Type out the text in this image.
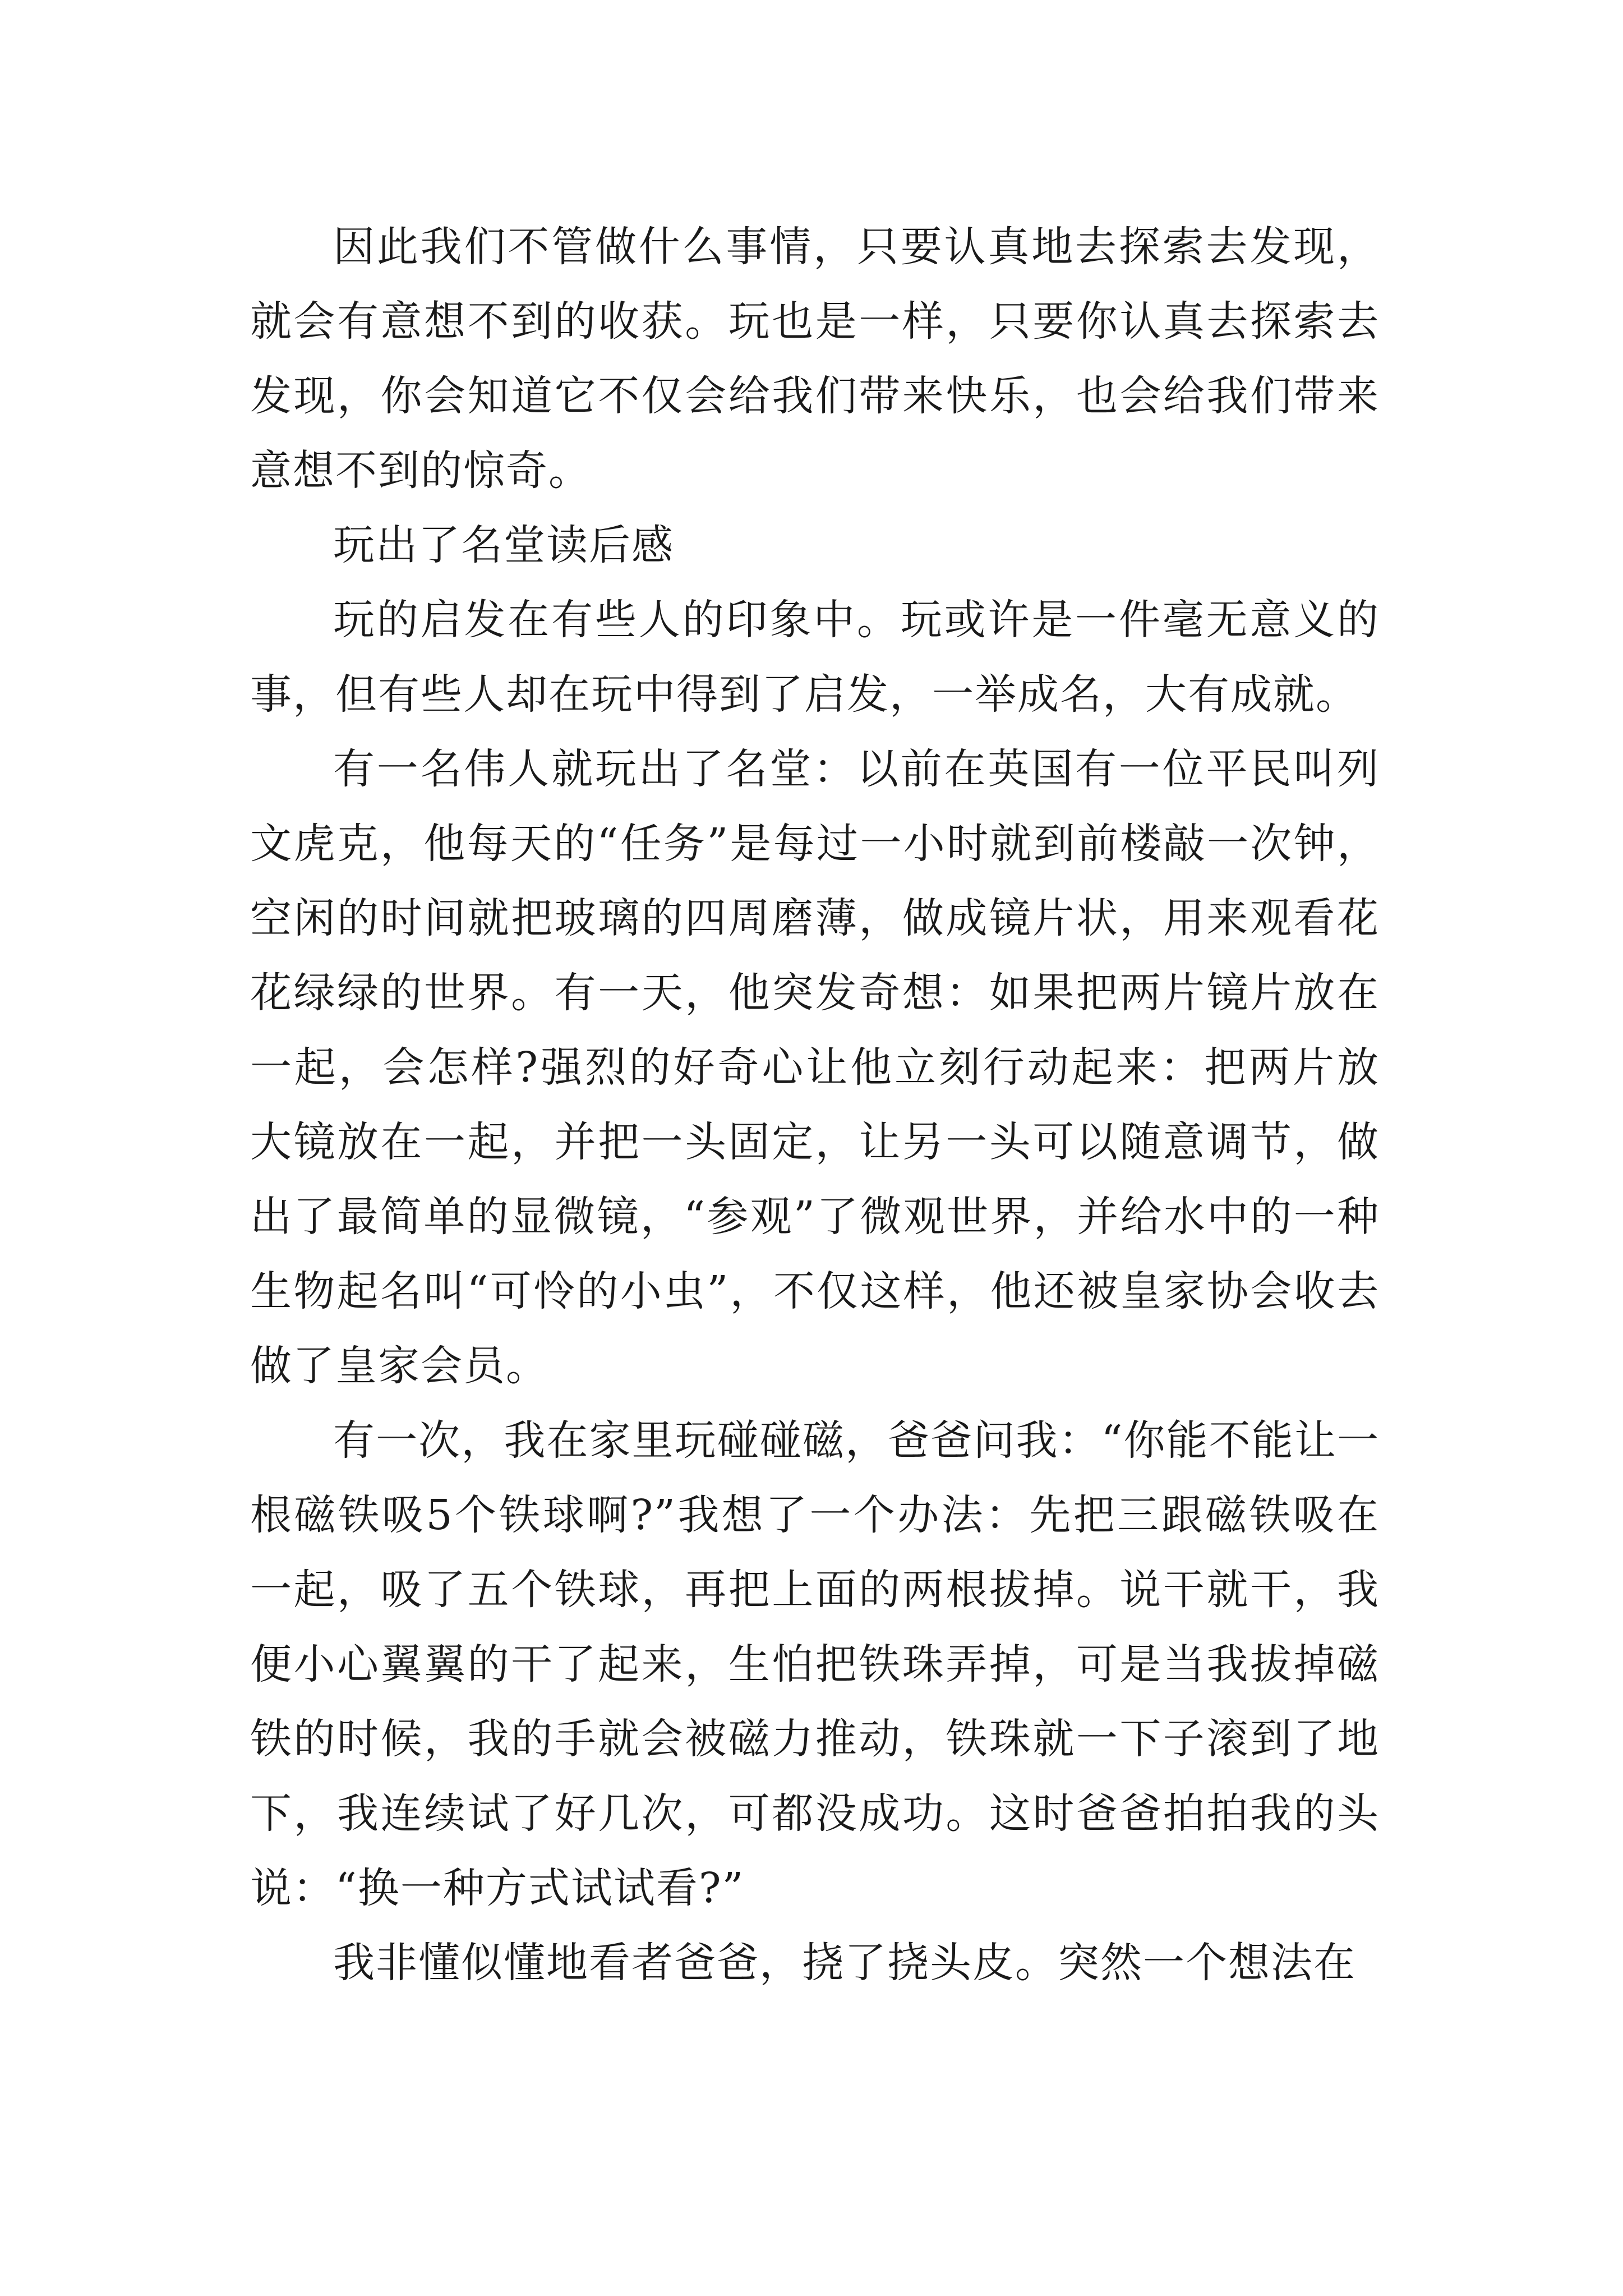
因此我们不管做什么事情，只要认真地去探索去发现，就会有意想不到的收获。玩也是一样，只要你认真去探索去发现，你会知道它不仅会给我们带来快乐，也会给我们带来意想不到的惊奇。

玩出了名堂读后感

玩的启发在有些人的印象中。玩或许是一件毫无意义的事，但有些人却在玩中得到了启发，一举成名，大有成就。

有一名伟人就玩出了名堂：以前在英国有一位平民叫列文虎克，他每天的“任务”是每过一小时就到前楼敲一次钟，空闲的时间就把玻璃的四周磨薄，做成镜片状，用来观看花花绿绿的世界。有一天，他突发奇想：如果把两片镜片放在一起，会怎样?强烈的好奇心让他立刻行动起来：把两片放大镜放在一起，并把一头固定，让另一头可以随意调节，做出了最简单的显微镜，“参观”了微观世界，并给水中的一种生物起名叫“可怜的小虫”，不仅这样，他还被皇家协会收去做了皇家会员。

有一次，我在家里玩碰碰磁，爸爸问我：“你能不能让一根磁铁吸5个铁球啊?”我想了一个办法：先把三跟磁铁吸在一起，吸了五个铁球，再把上面的两根拔掉。说干就干，我便小心翼翼的干了起来，生怕把铁珠弄掉，可是当我拔掉磁铁的时候，我的手就会被磁力推动，铁珠就一下子滚到了地下，我连续试了好几次，可都没成功。这时爸爸拍拍我的头说：“换一种方式试试看?”

我非懂似懂地看者爸爸，挠了挠头皮。突然一个想法在
